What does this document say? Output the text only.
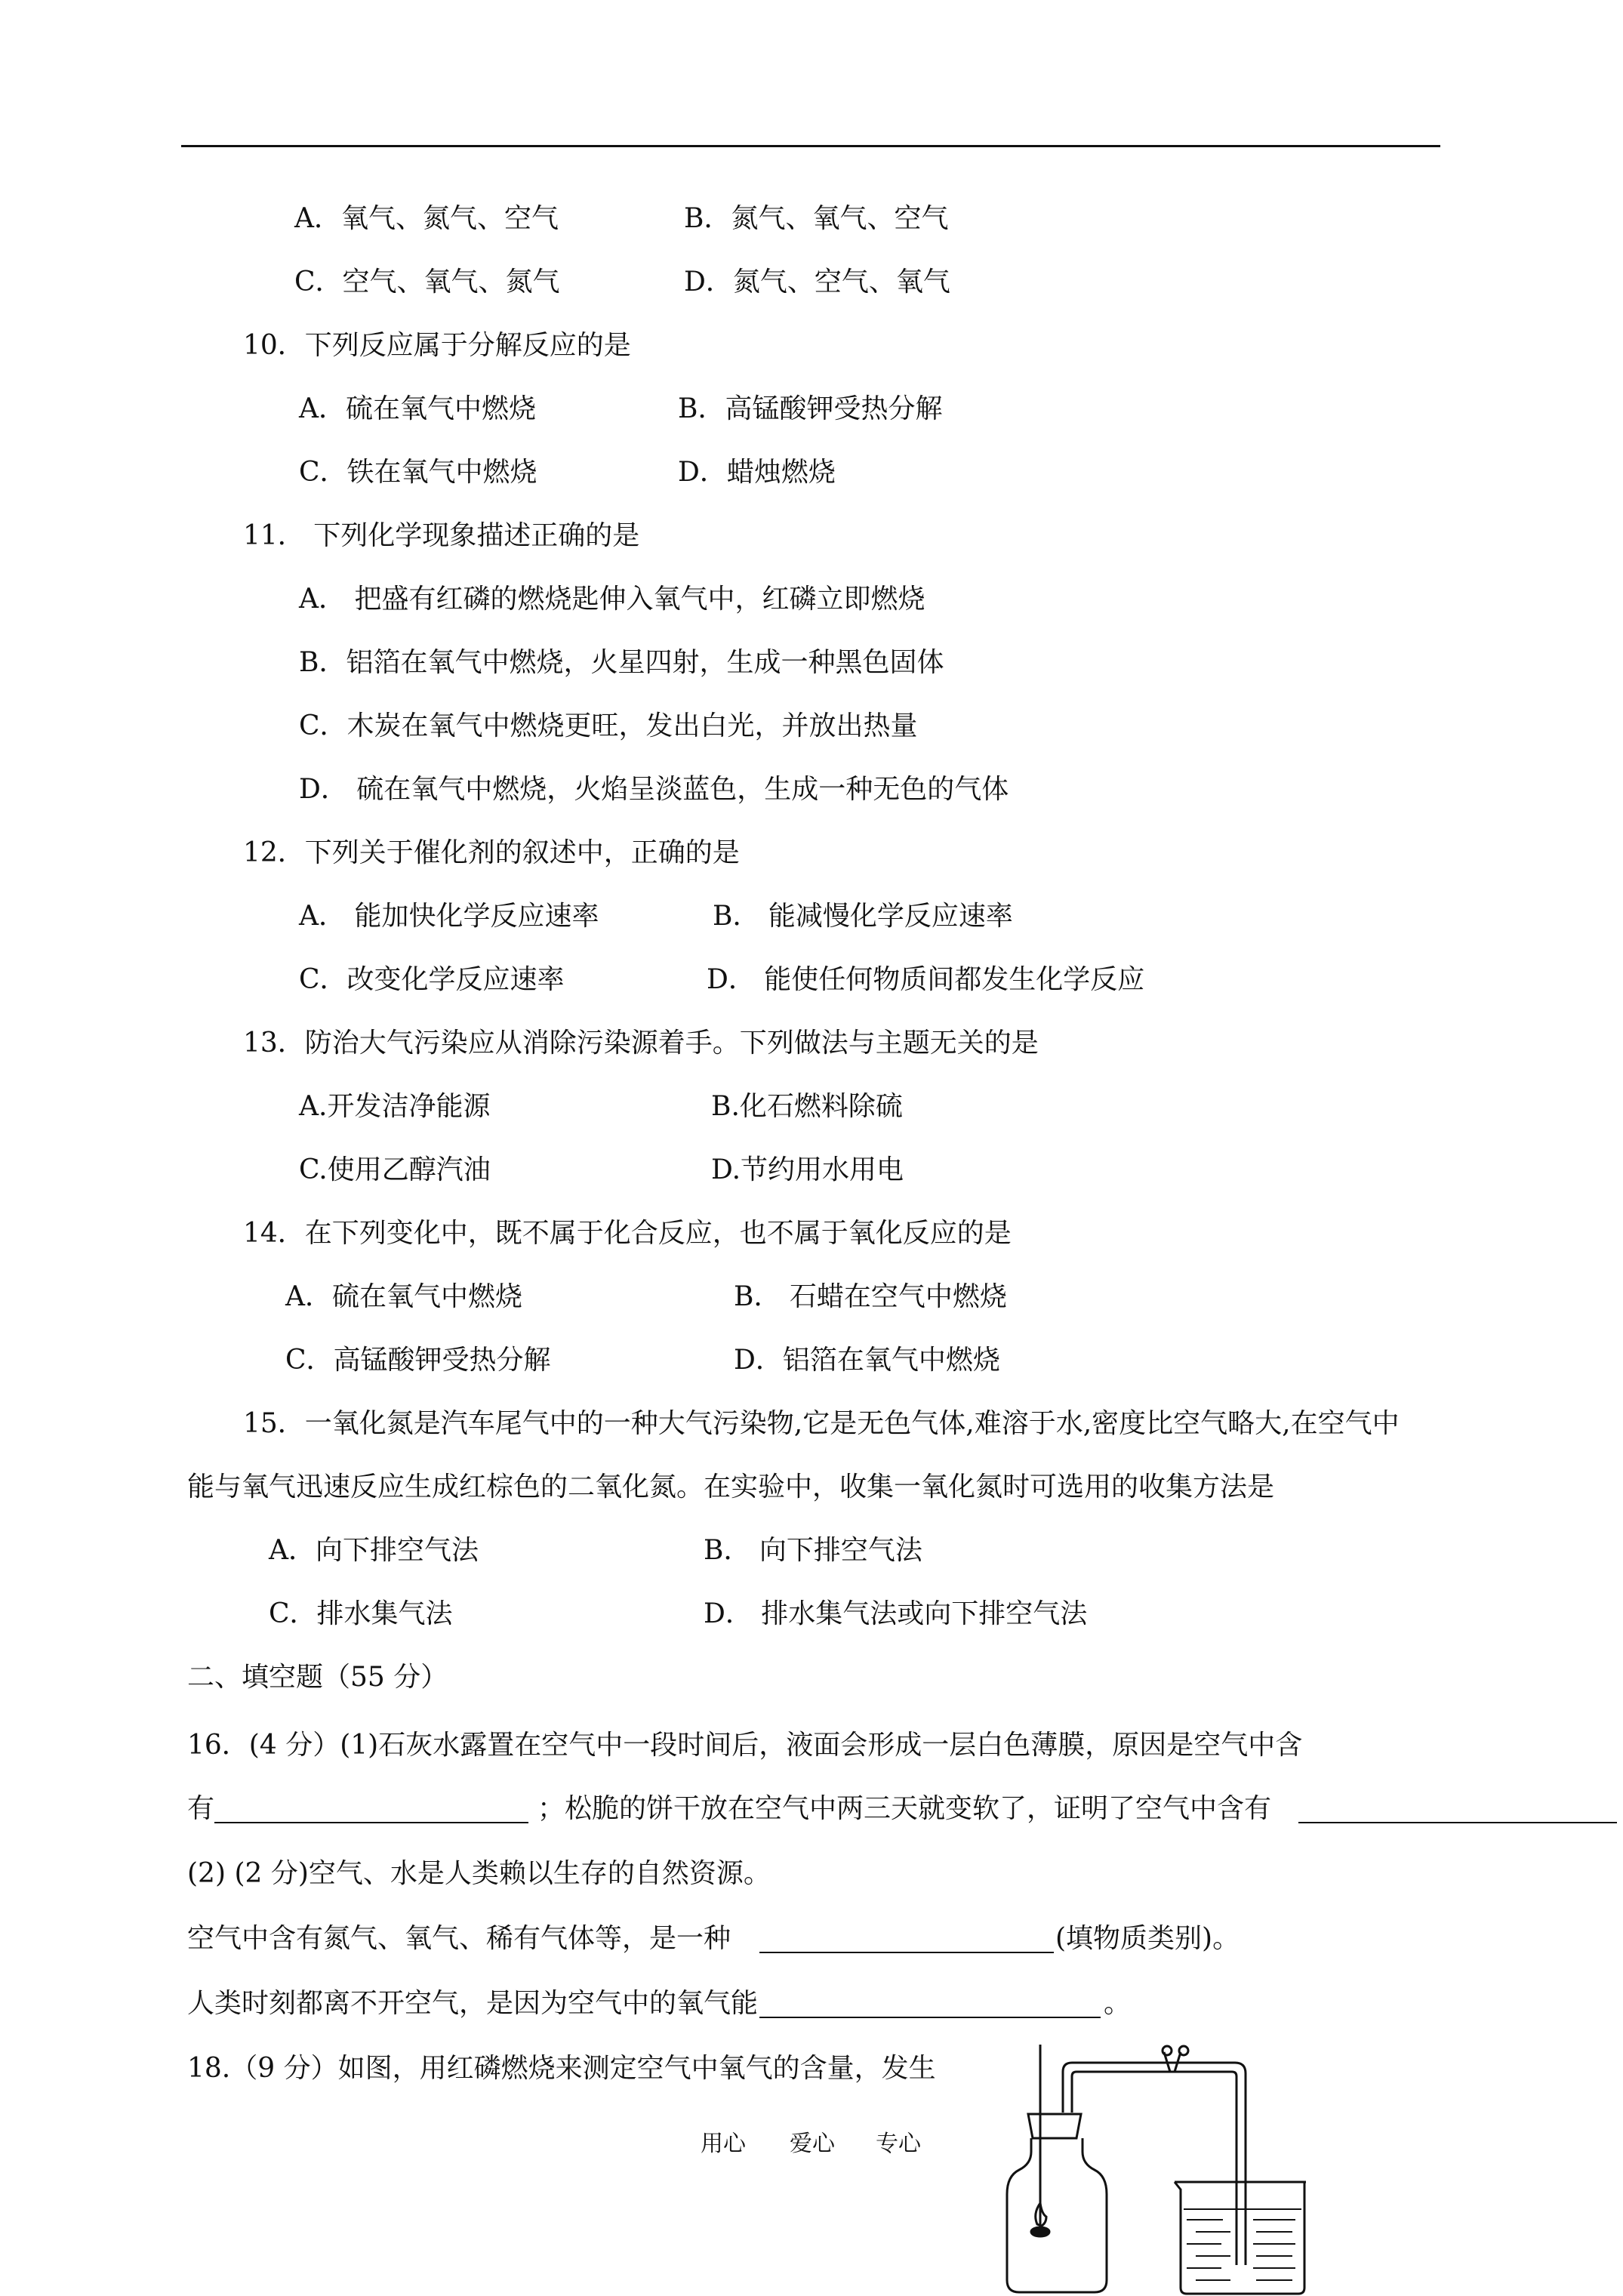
A．氧气、氮气、空气	B．氮气、氧气、空气
C．空气、氧气、氮气	D．氮气、空气、氧气
10．下列反应属于分解反应的是
A．硫在氧气中燃烧	B．高锰酸钾受热分解
C．铁在氧气中燃烧	D．蜡烛燃烧
11． 下列化学现象描述正确的是
A． 把盛有红磷的燃烧匙伸入氧气中，红磷立即燃烧
B．铝箔在氧气中燃烧，火星四射，生成一种黑色固体
C．木炭在氧气中燃烧更旺，发出白光，并放出热量
D． 硫在氧气中燃烧，火焰呈淡蓝色，生成一种无色的气体
12．下列关于催化剂的叙述中，正确的是
A． 能加快化学反应速率	B． 能减慢化学反应速率
C．改变化学反应速率	D． 能使任何物质间都发生化学反应
13．防治大气污染应从消除污染源着手。下列做法与主题无关的是
A.开发洁净能源	B.化石燃料除硫
C.使用乙醇汽油	D.节约用水用电
14．在下列变化中，既不属于化合反应，也不属于氧化反应的是
A．硫在氧气中燃烧	B． 石蜡在空气中燃烧
C．高锰酸钾受热分解	D．铝箔在氧气中燃烧
15．一氧化氮是汽车尾气中的一种大气污染物,它是无色气体,难溶于水,密度比空气略大,在空气中
能与氧气迅速反应生成红棕色的二氧化氮。在实验中，收集一氧化氮时可选用的收集方法是
A．向下排空气法	B． 向下排空气法
C．排水集气法	D． 排水集气法或向下排空气法
二、填空题（55 分）
16．(4 分）(1)石灰水露置在空气中一段时间后，液面会形成一层白色薄膜，原因是空气中含
有	；松脆的饼干放在空气中两三天就变软了，证明了空气中含有
(2) (2 分)空气、水是人类赖以生存的自然资源。
空气中含有氮气、氧气、稀有气体等，是一种	(填物质类别)。
人类时刻都离不开空气，是因为空气中的氧气能	。
18.（9 分）如图，用红磷燃烧来测定空气中氧气的含量，发生
用心 爱心 专心
